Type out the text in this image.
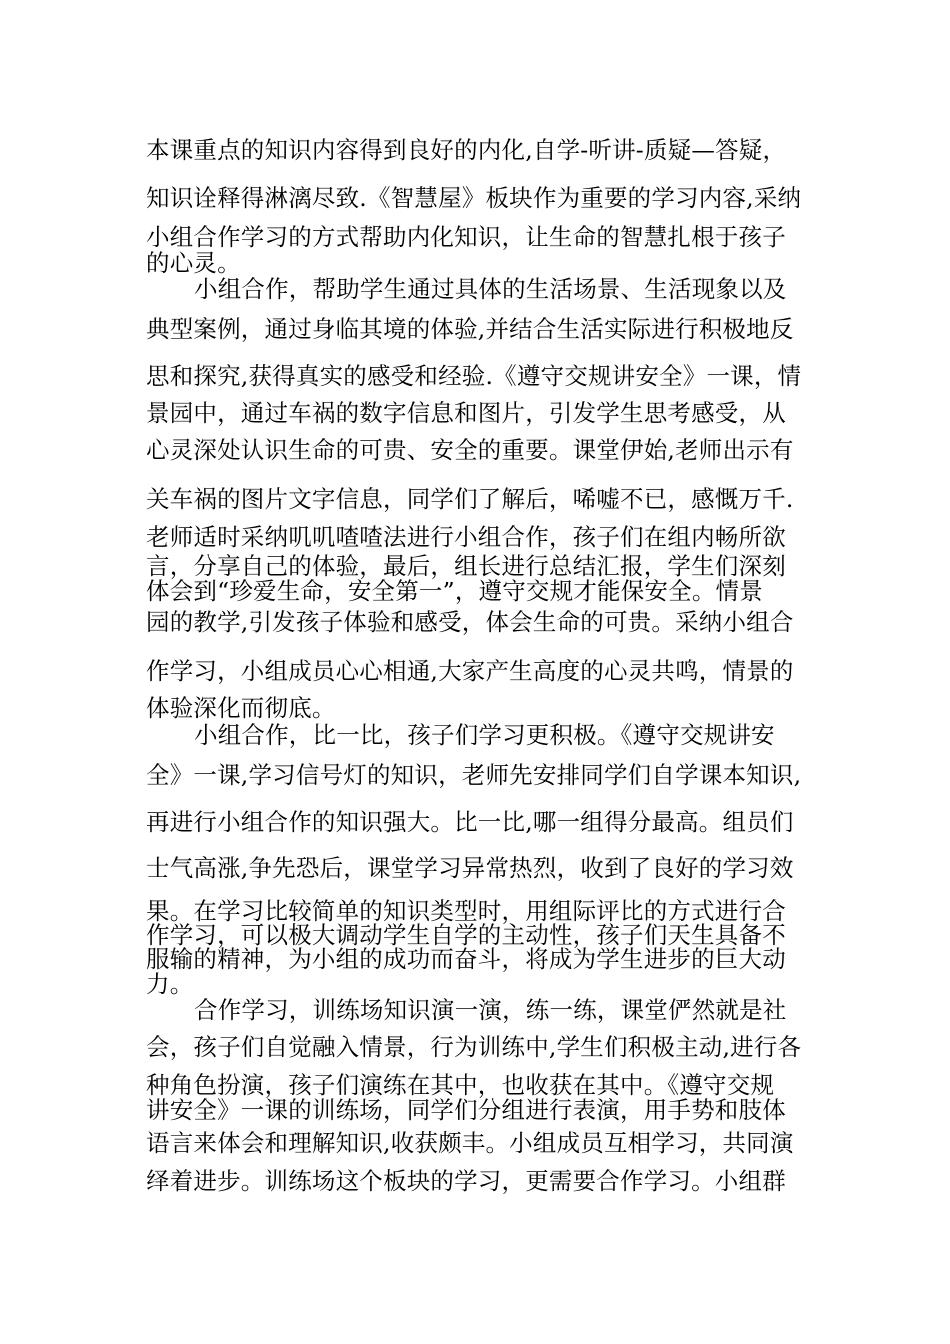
本课重点的知识内容得到良好的内化,自学-听讲-质疑—答疑，
知识诠释得淋漓尽致.《智慧屋》板块作为重要的学习内容,采纳
小组合作学习的方式帮助内化知识，让生命的智慧扎根于孩子
的心灵。
小组合作，帮助学生通过具体的生活场景、生活现象以及
典型案例，通过身临其境的体验,并结合生活实际进行积极地反
思和探究,获得真实的感受和经验.《遵守交规讲安全》一课，情
景园中，通过车祸的数字信息和图片，引发学生思考感受，从
心灵深处认识生命的可贵、安全的重要。课堂伊始,老师出示有
关车祸的图片文字信息，同学们了解后，唏嘘不已，感慨万千.
老师适时采纳叽叽喳喳法进行小组合作，孩子们在组内畅所欲
言，分享自己的体验，最后，组长进行总结汇报，学生们深刻
体会到“珍爱生命，安全第一”，遵守交规才能保安全。情景
园的教学,引发孩子体验和感受，体会生命的可贵。采纳小组合
作学习，小组成员心心相通,大家产生高度的心灵共鸣，情景的
体验深化而彻底。
小组合作，比一比，孩子们学习更积极。《遵守交规讲安
全》一课,学习信号灯的知识，老师先安排同学们自学课本知识,
再进行小组合作的知识强大。比一比,哪一组得分最高。组员们
士气高涨,争先恐后，课堂学习异常热烈，收到了良好的学习效
果。在学习比较简单的知识类型时，用组际评比的方式进行合
作学习，可以极大调动学生自学的主动性，孩子们天生具备不
服输的精神，为小组的成功而奋斗，将成为学生进步的巨大动
力。
合作学习，训练场知识演一演，练一练，课堂俨然就是社
会，孩子们自觉融入情景，行为训练中,学生们积极主动,进行各
种角色扮演，孩子们演练在其中，也收获在其中。《遵守交规
讲安全》一课的训练场，同学们分组进行表演，用手势和肢体
语言来体会和理解知识,收获颇丰。小组成员互相学习，共同演
绎着进步。训练场这个板块的学习，更需要合作学习。小组群
